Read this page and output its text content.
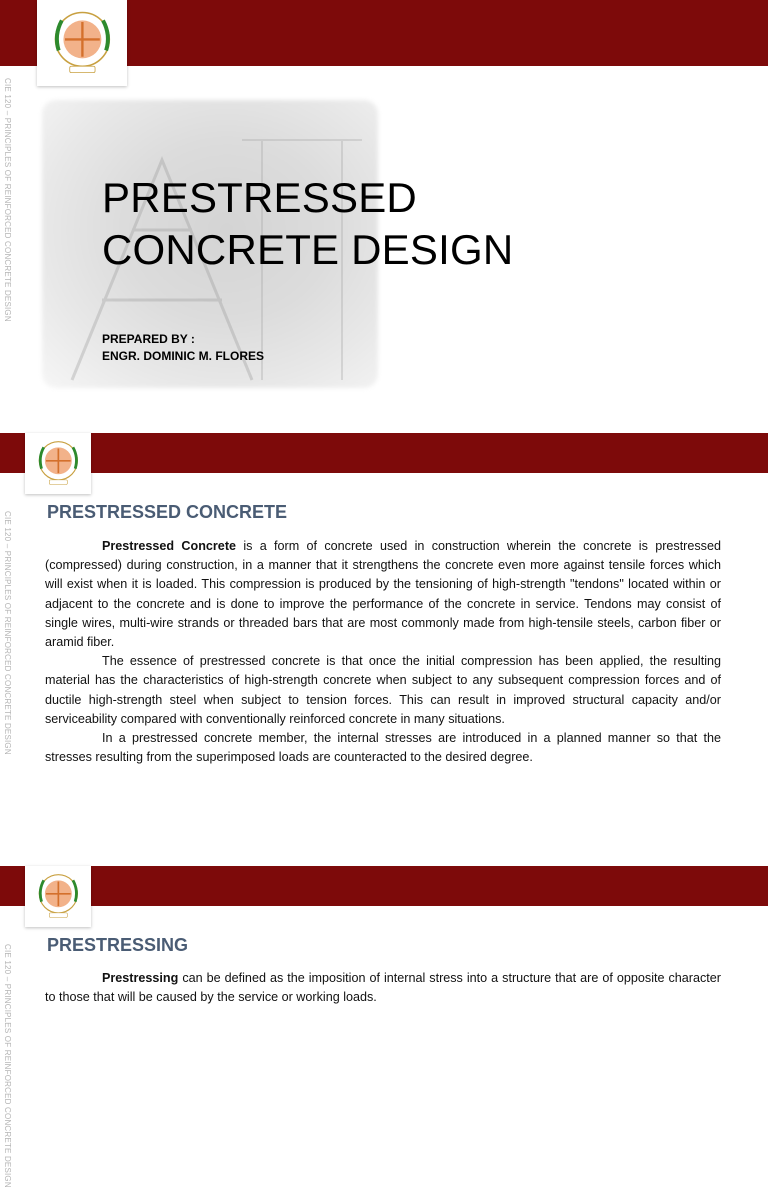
CIE 120 – PRINCIPLES OF REINFORCED CONCRETE DESIGN PRESTRESSED
CONCRETE DESIGN
PREPARED BY :
ENGR. DOMINIC M. FLORES
CIE 120 – PRINCIPLES OF REINFORCED CONCRETE DESIGN PRESTRESSED CONCRETE

Prestressed Concrete is a form of concrete used in construction wherein the concrete is prestressed (compressed) during construction, in a manner that it strengthens the concrete even more against tensile forces which will exist when it is loaded. This compression is produced by the tensioning of high-strength "tendons" located within or adjacent to the concrete and is done to improve the performance of the concrete in service. Tendons may consist of single wires, multi-wire strands or threaded bars that are most commonly made from high-tensile steels, carbon fiber or aramid fiber.

The essence of prestressed concrete is that once the initial compression has been applied, the resulting material has the characteristics of high-strength concrete when subject to any subsequent compression forces and of ductile high-strength steel when subject to tension forces. This can result in improved structural capacity and/or serviceability compared with conventionally reinforced concrete in many situations.

In a prestressed concrete member, the internal stresses are introduced in a planned manner so that the stresses resulting from the superimposed loads are counteracted to the desired degree.

CIE 120 – PRINCIPLES OF REINFORCED CONCRETE DESIGN PRESTRESSING

Prestressing can be defined as the imposition of internal stress into a structure that are of opposite character to those that will be caused by the service or working loads.
